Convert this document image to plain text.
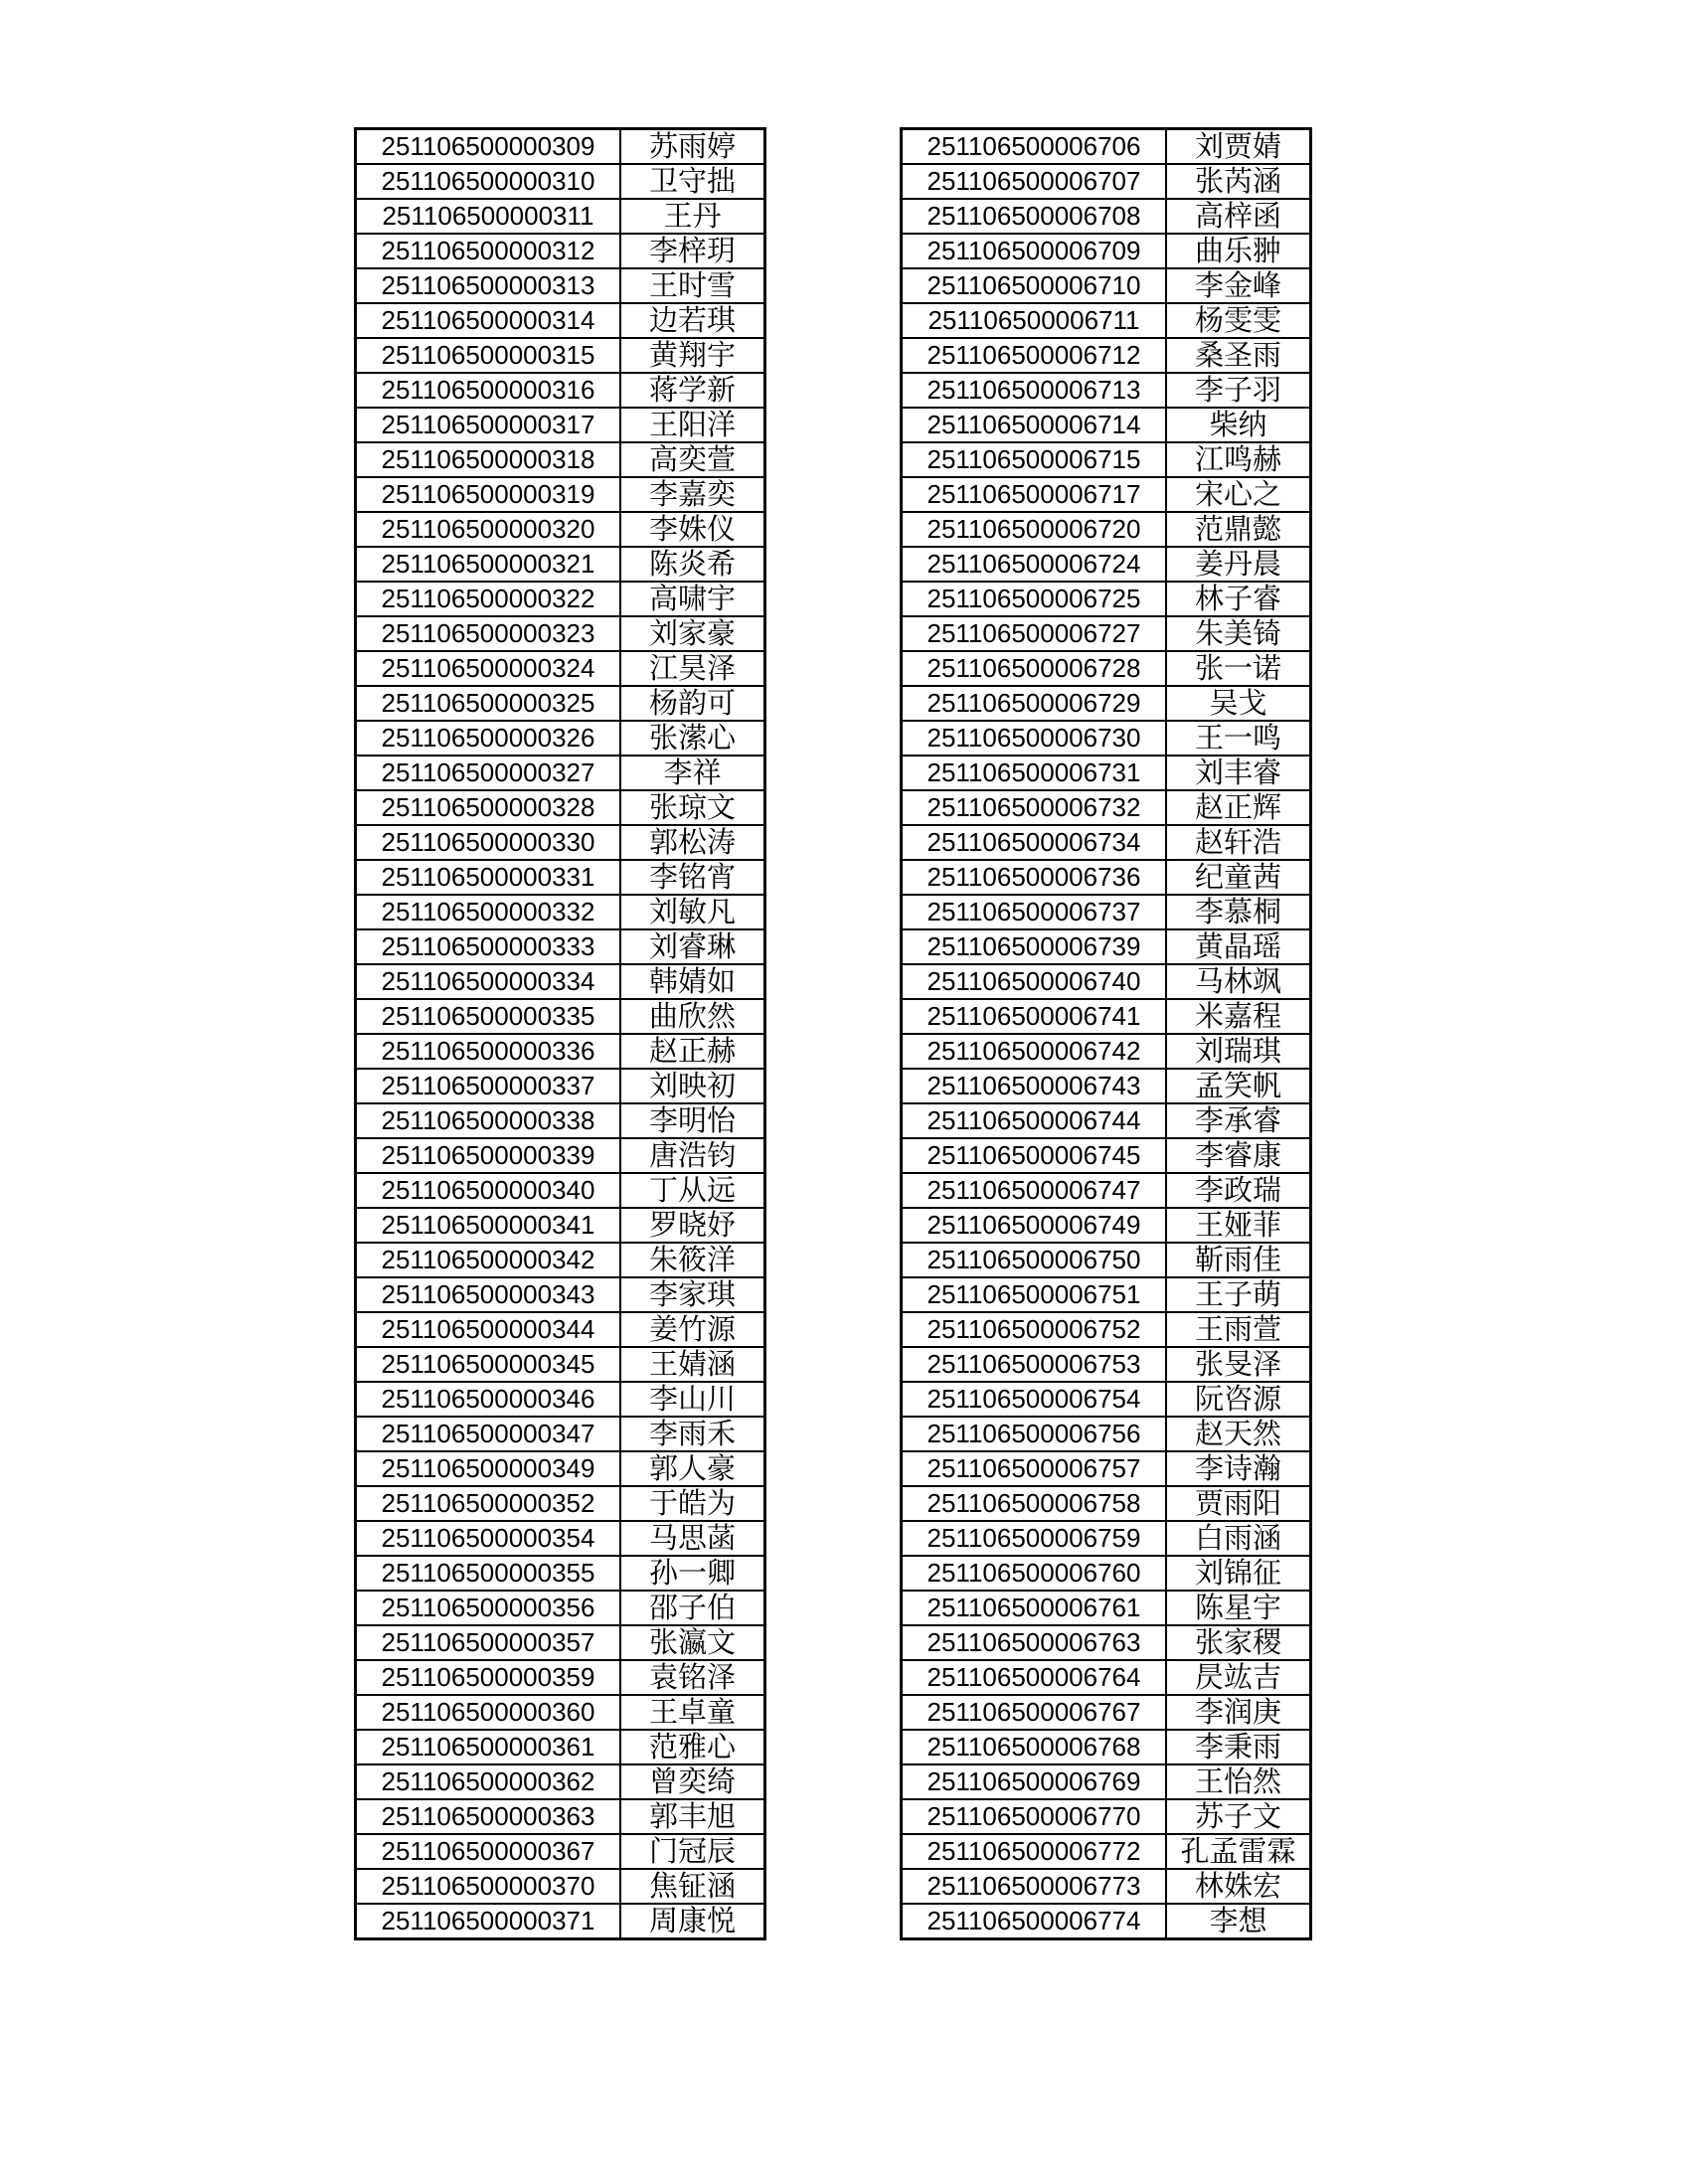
251106500000309	苏雨婷
251106500000310	卫守拙
251106500000311	王丹
251106500000312	李梓玥
251106500000313	王时雪
251106500000314	边若琪
251106500000315	黄翔宇
251106500000316	蒋学新
251106500000317	王阳洋
251106500000318	高奕萱
251106500000319	李嘉奕
251106500000320	李姝仪
251106500000321	陈炎希
251106500000322	高啸宇
251106500000323	刘家豪
251106500000324	江昊泽
251106500000325	杨韵可
251106500000326	张潆心
251106500000327	李祥
251106500000328	张琼文
251106500000330	郭松涛
251106500000331	李铭宵
251106500000332	刘敏凡
251106500000333	刘睿琳
251106500000334	韩婧如
251106500000335	曲欣然
251106500000336	赵正赫
251106500000337	刘映初
251106500000338	李明怡
251106500000339	唐浩钧
251106500000340	丁从远
251106500000341	罗晓妤
251106500000342	朱筱洋
251106500000343	李家琪
251106500000344	姜竹源
251106500000345	王婧涵
251106500000346	李山川
251106500000347	李雨禾
251106500000349	郭人豪
251106500000352	于皓为
251106500000354	马思菡
251106500000355	孙一卿
251106500000356	邵子伯
251106500000357	张瀛文
251106500000359	袁铭泽
251106500000360	王卓童
251106500000361	范雅心
251106500000362	曾奕绮
251106500000363	郭丰旭
251106500000367	门冠辰
251106500000370	焦钲涵
251106500000371	周康悦
251106500006706	刘贾婧
251106500006707	张芮涵
251106500006708	高梓函
251106500006709	曲乐翀
251106500006710	李金峰
251106500006711	杨雯雯
251106500006712	桑圣雨
251106500006713	李子羽
251106500006714	柴纳
251106500006715	江鸣赫
251106500006717	宋心之
251106500006720	范鼎懿
251106500006724	姜丹晨
251106500006725	林子睿
251106500006727	朱美锜
251106500006728	张一诺
251106500006729	吴戈
251106500006730	王一鸣
251106500006731	刘丰睿
251106500006732	赵正辉
251106500006734	赵轩浩
251106500006736	纪童茜
251106500006737	李慕桐
251106500006739	黄晶瑶
251106500006740	马林飒
251106500006741	米嘉程
251106500006742	刘瑞琪
251106500006743	孟笑帆
251106500006744	李承睿
251106500006745	李睿康
251106500006747	李政瑞
251106500006749	王娅菲
251106500006750	靳雨佳
251106500006751	王子萌
251106500006752	王雨萱
251106500006753	张旻泽
251106500006754	阮咨源
251106500006756	赵天然
251106500006757	李诗瀚
251106500006758	贾雨阳
251106500006759	白雨涵
251106500006760	刘锦征
251106500006761	陈星宇
251106500006763	张家稷
251106500006764	昃竑吉
251106500006767	李润庚
251106500006768	李秉雨
251106500006769	王怡然
251106500006770	苏子文
251106500006772	孔孟雷霖
251106500006773	林姝宏
251106500006774	李想
